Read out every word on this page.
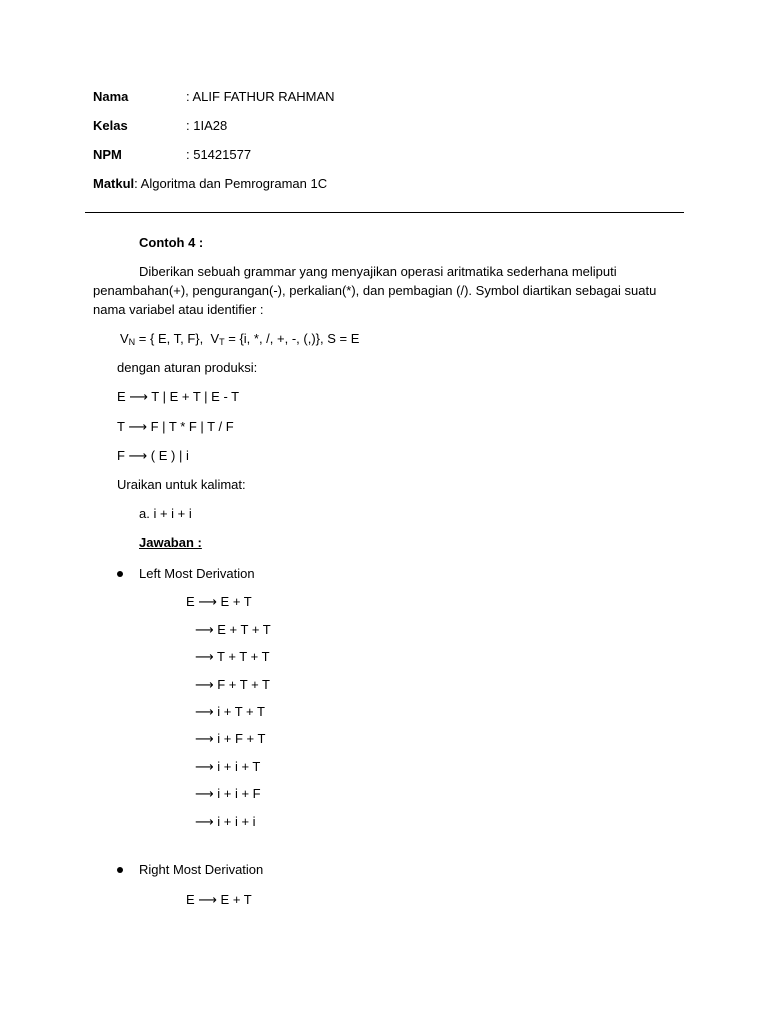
Nama	: ALIF FATHUR RAHMAN
Kelas	: 1IA28
NPM	: 51421577
Matkul: Algoritma dan Pemrograman 1C
Contoh 4 :
Diberikan sebuah grammar yang menyajikan operasi aritmatika sederhana meliputi penambahan(+), pengurangan(-), perkalian(*), dan pembagian (/). Symbol diartikan sebagai suatu nama variabel atau identifier :
$V_N$ = { E, T, F}, $V_T = \{i$, *, /, +, -, (,)}, S = E
dengan aturan produksi:
E ⟶ T | E + T | E - T
T ⟶ F | T * F | T / F
F ⟶ ( E ) | i
Uraikan untuk kalimat:
a. i + i + i
Jawaban :
Left Most Derivation
E ⟶ E + T
⟶ E + T + T
⟶ T + T + T
⟶ F + T + T
⟶ i + T + T
⟶ i + F + T
⟶ i + i + T
⟶ i + i + F
⟶ i + i + i
Right Most Derivation
E ⟶ E + T
